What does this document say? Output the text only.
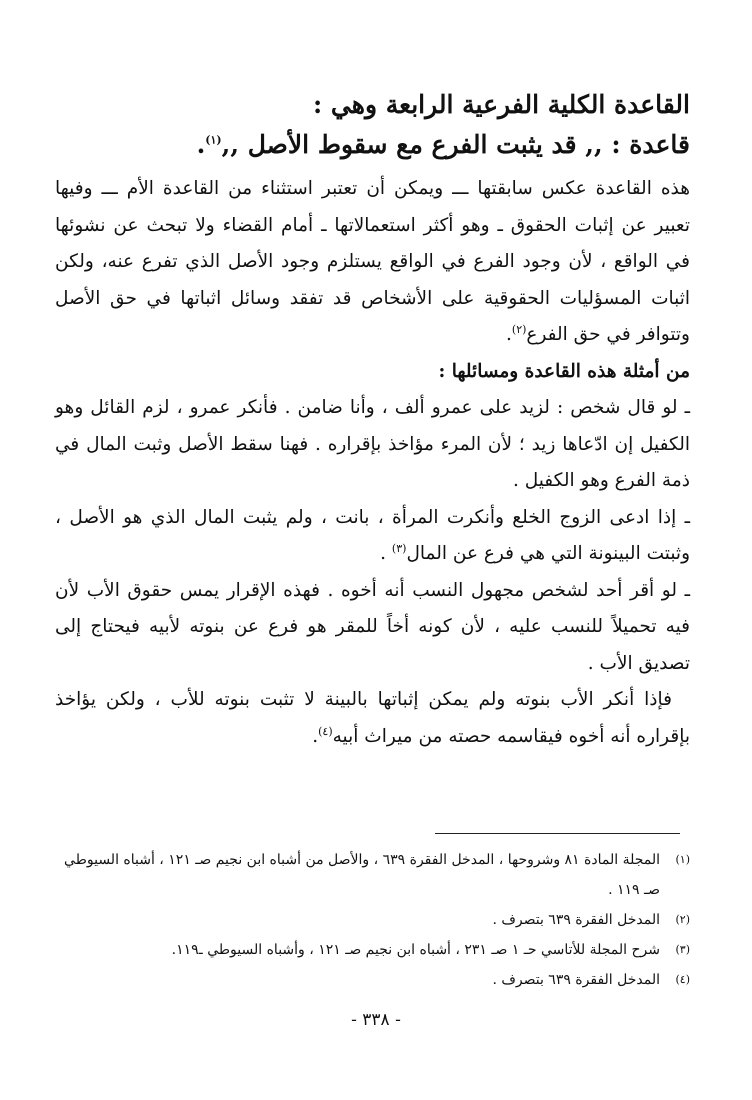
القاعدة الكلية الفرعية الرابعة وهي :

قاعدة : ,, قد يثبت الفرع مع سقوط الأصل ,,$^{(١)}$.

هذه القاعدة عكس سابقتها ـــ ويمكن أن تعتبر استثناء من القاعدة الأم ـــ وفيها تعبير عن إثبات الحقوق ـ وهو أكثر استعمالاتها ـ أمام القضاء ولا تبحث عن نشوئها في الواقع ، لأن وجود الفرع في الواقع يستلزم وجود الأصل الذي تفرع عنه، ولكن اثبات المسؤليات الحقوقية على الأشخاص قد تفقد وسائل اثباتها في حق الأصل وتتوافر في حق الفرع$^{(٢)}$.

من أمثلة هذه القاعدة ومسائلها :

ـ لو قال شخص : لزيد على عمرو ألف ، وأنا ضامن . فأنكر عمرو ، لزم القائل وهو الكفيل إن ادّعاها زيد ؛ لأن المرء مؤاخذ بإقراره . فهنا سقط الأصل وثبت المال في ذمة الفرع وهو الكفيل .

ـ إذا ادعى الزوج الخلع وأنكرت المرأة ، بانت ، ولم يثبت المال الذي هو الأصل ، وثبتت البينونة التي هي فرع عن المال$^{(٣)}$ .

ـ لو أقر أحد لشخص مجهول النسب أنه أخوه . فهذه الإقرار يمس حقوق الأب لأن فيه تحميلاً للنسب عليه ، لأن كونه أخاً للمقر هو فرع عن بنوته لأبيه فيحتاج إلى تصديق الأب .

فإذا أنكر الأب بنوته ولم يمكن إثباتها بالبينة لا تثبت بنوته للأب ، ولكن يؤاخذ بإقراره أنه أخوه فيقاسمه حصته من ميراث أبيه$^{(٤)}$.

(١)
المجلة المادة ٨١ وشروحها ، المدخل الفقرة ٦٣٩ ، والأصل من أشباه ابن نجيم صـ ١٢١ ، أشباه السيوطي صـ ١١٩ .
(٢)
المدخل الفقرة ٦٣٩ بتصرف .
(٣)
شرح المجلة للأتاسي حـ ١ صـ ٢٣١ ، أشباه ابن نجيم صـ ١٢١ ، وأشباه السيوطي ـ١١٩.
(٤)
المدخل الفقرة ٦٣٩ بتصرف .
- ٣٣٨ -
